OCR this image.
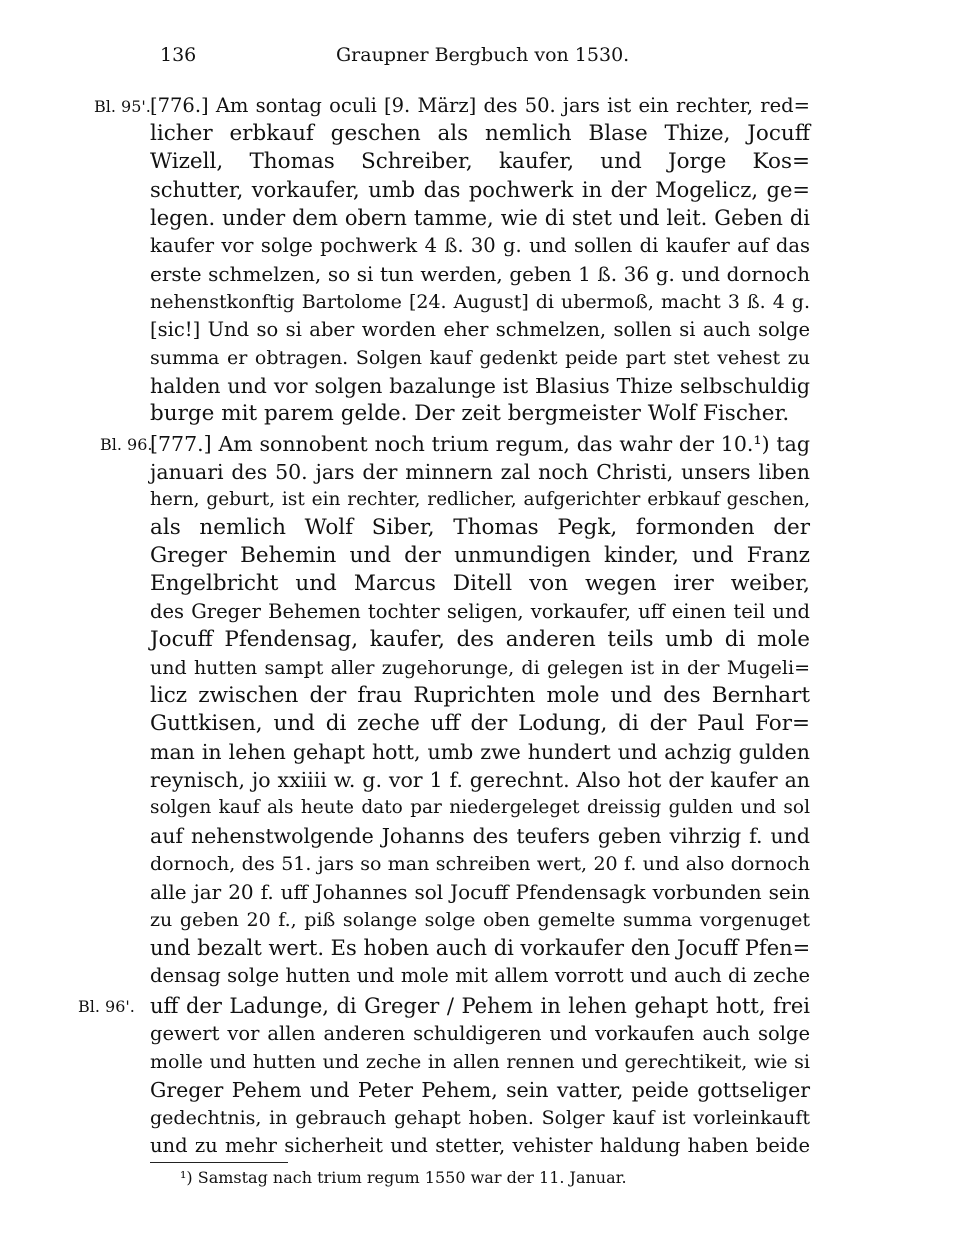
136	Graupner Bergbuch von 1530.
Bl. 95'.
Bl. 96.
Bl. 96'.
[776.] Am sontag oculi [9. März] des 50. jars ist ein rechter, red=
licher erbkauf geschen als nemlich Blase Thize, Jocuff
Wizell, Thomas Schreiber, kaufer, und Jorge Kos=
schutter, vorkaufer, umb das pochwerk in der Mogelicz, ge=
legen. under dem obern tamme, wie di stet und leit. Geben di
kaufer vor solge pochwerk 4 ß. 30 g. und sollen di kaufer auf das
erste schmelzen, so si tun werden, geben 1 ß. 36 g. und dornoch
nehenstkonftig Bartolome [24. August] di ubermoß, macht 3 ß. 4 g.
[sic!] Und so si aber worden eher schmelzen, sollen si auch solge
summa er obtragen. Solgen kauf gedenkt peide part stet vehest zu
halden und vor solgen bazalunge ist Blasius Thize selbschuldig
burge mit parem gelde. Der zeit bergmeister Wolf Fischer.
[777.] Am sonnobent noch trium regum, das wahr der 10.¹) tag
januari des 50. jars der minnern zal noch Christi, unsers liben
hern, geburt, ist ein rechter, redlicher, aufgerichter erbkauf geschen,
als nemlich Wolf Siber, Thomas Pegk, formonden der
Greger Behemin und der unmundigen kinder, und Franz
Engelbricht und Marcus Ditell von wegen irer weiber,
des Greger Behemen tochter seligen, vorkaufer, uff einen teil und
Jocuff Pfendensag, kaufer, des anderen teils umb di mole
und hutten sampt aller zugehorunge, di gelegen ist in der Mugeli=
licz zwischen der frau Ruprichten mole und des Bernhart
Guttkisen, und di zeche uff der Lodung, di der Paul For=
man in lehen gehapt hott, umb zwe hundert und achzig gulden
reynisch, jo xxiiii w. g. vor 1 f. gerechnt. Also hot der kaufer an
solgen kauf als heute dato par niedergeleget dreissig gulden und sol
auf nehenstwolgende Johanns des teufers geben vihrzig f. und
dornoch, des 51. jars so man schreiben wert, 20 f. und also dornoch
alle jar 20 f. uff Johannes sol Jocuff Pfendensagk vorbunden sein
zu geben 20 f., piß solange solge oben gemelte summa vorgenuget
und bezalt wert. Es hoben auch di vorkaufer den Jocuff Pfen=
densag solge hutten und mole mit allem vorrott und auch di zeche
uff der Ladunge, di Greger / Pehem in lehen gehapt hott, frei
gewert vor allen anderen schuldigeren und vorkaufen auch solge
molle und hutten und zeche in allen rennen und gerechtikeit, wie si
Greger Pehem und Peter Pehem, sein vatter, peide gottseliger
gedechtnis, in gebrauch gehapt hoben. Solger kauf ist vorleinkauft
und zu mehr sicherheit und stetter, vehister haldung haben beide
¹) Samstag nach trium regum 1550 war der 11. Januar.
